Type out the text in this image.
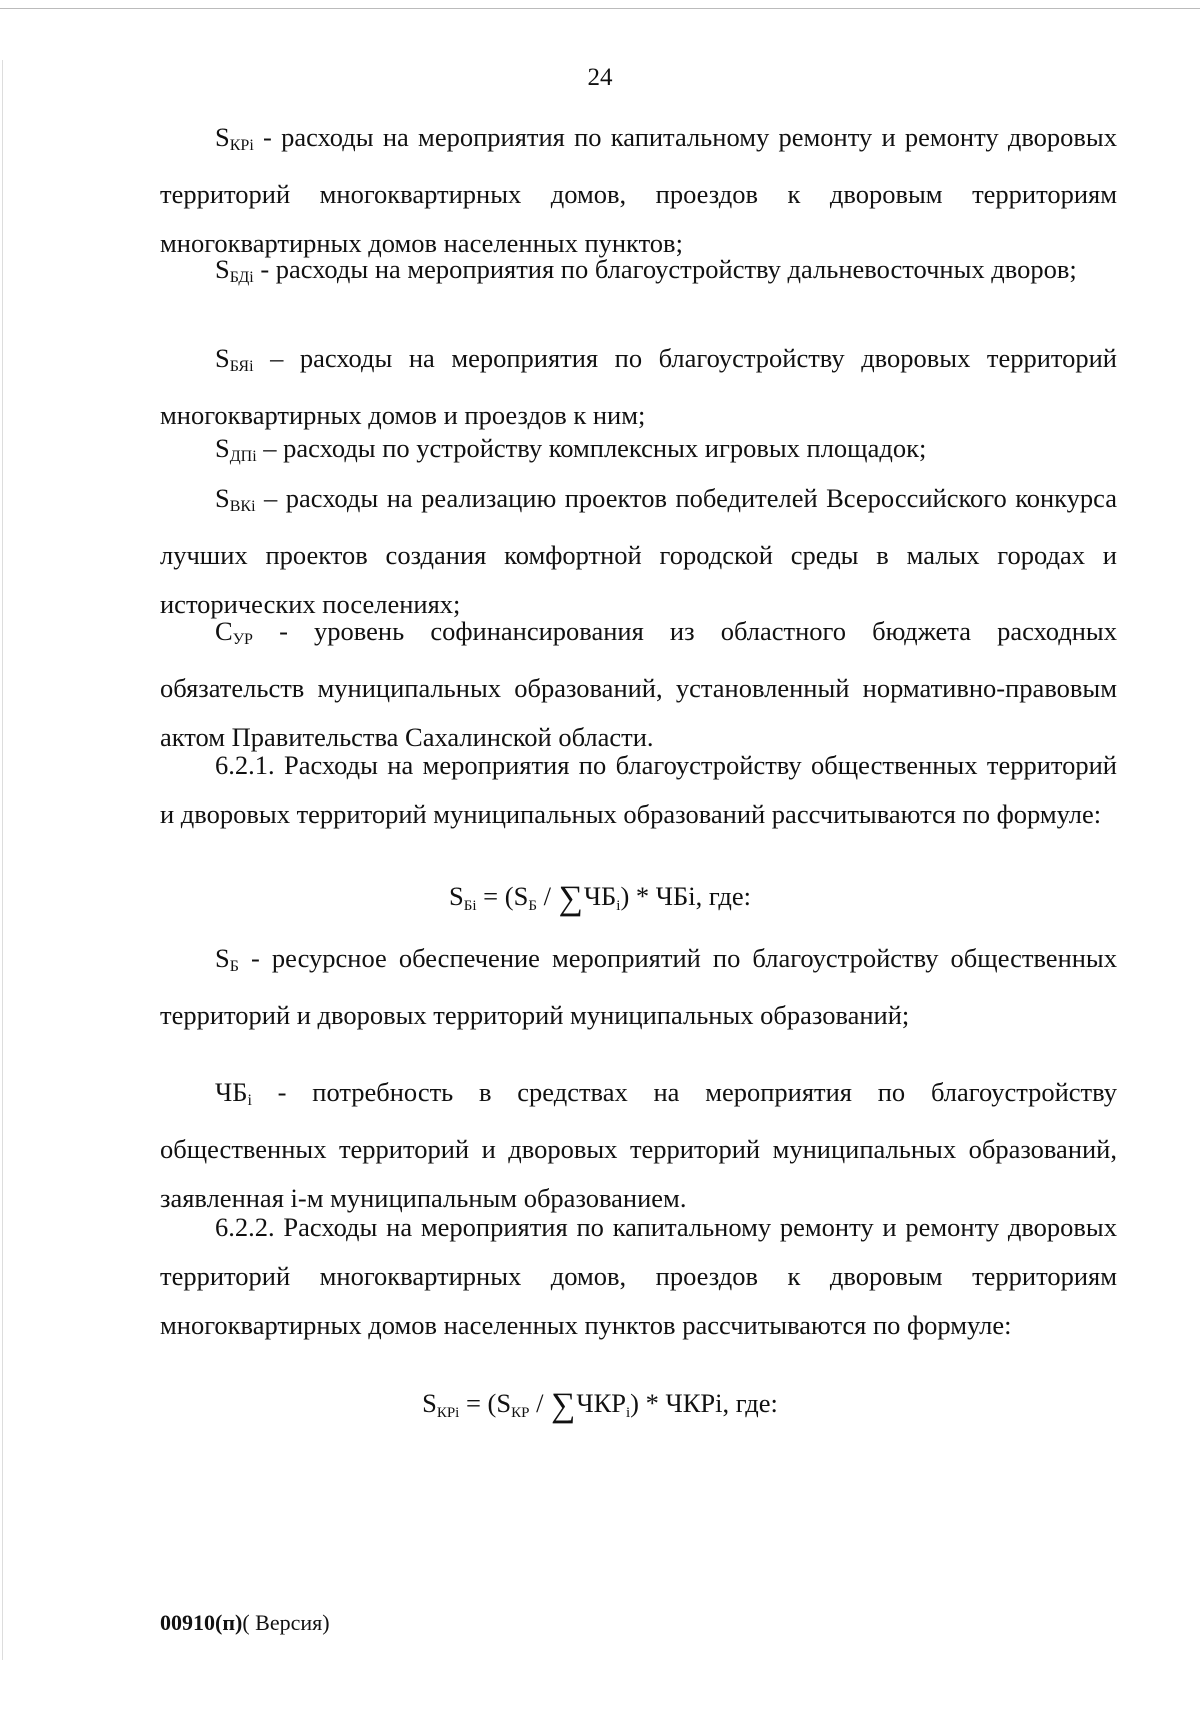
24

$S_{КРi}$ - расходы на мероприятия по капитальному ремонту и ремонту дворовых территорий многоквартирных домов, проездов к дворовым территориям многоквартирных домов населенных пунктов;

$S_{БДi}$ - расходы на мероприятия по благоустройству дальневосточных дворов;

$S_{БЯi}$ – расходы на мероприятия по благоустройству дворовых территорий многоквартирных домов и проездов к ним;

$S_{ДПi}$ – расходы по устройству комплексных игровых площадок;

$S_{ВКi}$ – расходы на реализацию проектов победителей Всероссийского конкурса лучших проектов создания комфортной городской среды в малых городах и исторических поселениях;

$С_{УР}$ - уровень софинансирования из областного бюджета расходных обязательств муниципальных образований, установленный нормативно-правовым актом Правительства Сахалинской области.

6.2.1. Расходы на мероприятия по благоустройству общественных территорий и дворовых территорий муниципальных образований рассчитываются по формуле:

$S_{Бi} = (S_Б / \sum ЧБ_i)$ * ЧБi, где:

$S_Б$ - ресурсное обеспечение мероприятий по благоустройству общественных территорий и дворовых территорий муниципальных образований;

$ЧБ_i$ - потребность в средствах на мероприятия по благоустройству общественных территорий и дворовых территорий муниципальных образований, заявленная i-м муниципальным образованием.

6.2.2. Расходы на мероприятия по капитальному ремонту и ремонту дворовых территорий многоквартирных домов, проездов к дворовым территориям многоквартирных домов населенных пунктов рассчитываются по формуле:

$S_{КРi} = (S_{КР} / \sum ЧКР_i)$ * ЧКРi, где:
00910(п)( Версия)
